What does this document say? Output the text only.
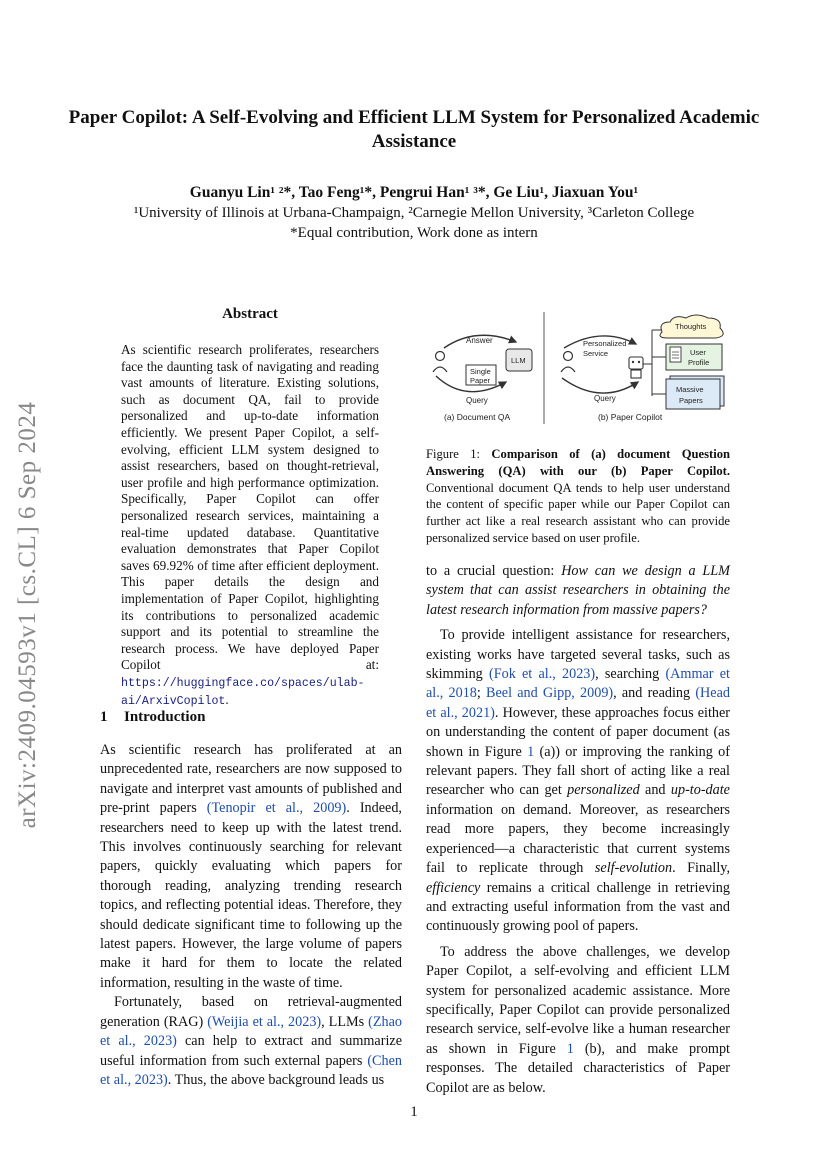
Paper Copilot: A Self-Evolving and Efficient LLM System for Personalized Academic Assistance
Guanyu Lin¹ ²*, Tao Feng¹*, Pengrui Han¹ ³*, Ge Liu¹, Jiaxuan You¹
¹University of Illinois at Urbana-Champaign, ²Carnegie Mellon University, ³Carleton College
*Equal contribution, Work done as intern
arXiv:2409.04593v1 [cs.CL] 6 Sep 2024
Abstract
As scientific research proliferates, researchers face the daunting task of navigating and reading vast amounts of literature. Existing solutions, such as document QA, fail to provide personalized and up-to-date information efficiently. We present Paper Copilot, a self-evolving, efficient LLM system designed to assist researchers, based on thought-retrieval, user profile and high performance optimization. Specifically, Paper Copilot can offer personalized research services, maintaining a real-time updated database. Quantitative evaluation demonstrates that Paper Copilot saves 69.92% of time after efficient deployment. This paper details the design and implementation of Paper Copilot, highlighting its contributions to personalized academic support and its potential to streamline the research process. We have deployed Paper Copilot at: https://huggingface.co/spaces/ulab-ai/ArxivCopilot.
1 Introduction

As scientific research has proliferated at an unprecedented rate, researchers are now supposed to navigate and interpret vast amounts of published and pre-print papers (Tenopir et al., 2009). Indeed, researchers need to keep up with the latest trend. This involves continuously searching for relevant papers, quickly evaluating which papers for thorough reading, analyzing trending research topics, and reflecting potential ideas. Therefore, they should dedicate significant time to following up the latest papers. However, the large volume of papers make it hard for them to locate the related information, resulting in the waste of time.

Fortunately, based on retrieval-augmented generation (RAG) (Weijia et al., 2023), LLMs (Zhao et al., 2023) can help to extract and summarize useful information from such external papers (Chen et al., 2023). Thus, the above background leads us

Answer
Single
Paper
LLM
Query
(a) Document QA
Personalized
Service
Query
Thoughts
User
Profile
Massive
Papers
(b) Paper Copilot
Figure 1: Comparison of (a) document Question Answering (QA) with our (b) Paper Copilot. Conventional document QA tends to help user understand the content of specific paper while our Paper Copilot can further act like a real research assistant who can provide personalized service based on user profile.

to a crucial question: How can we design a LLM system that can assist researchers in obtaining the latest research information from massive papers?

To provide intelligent assistance for researchers, existing works have targeted several tasks, such as skimming (Fok et al., 2023), searching (Ammar et al., 2018; Beel and Gipp, 2009), and reading (Head et al., 2021). However, these approaches focus either on understanding the content of paper document (as shown in Figure 1 (a)) or improving the ranking of relevant papers. They fall short of acting like a real researcher who can get personalized and up-to-date information on demand. Moreover, as researchers read more papers, they become increasingly experienced—a characteristic that current systems fail to replicate through self-evolution. Finally, efficiency remains a critical challenge in retrieving and extracting useful information from the vast and continuously growing pool of papers.

To address the above challenges, we develop Paper Copilot, a self-evolving and efficient LLM system for personalized academic assistance. More specifically, Paper Copilot can provide personalized research service, self-evolve like a human researcher as shown in Figure 1 (b), and make prompt responses. The detailed characteristics of Paper Copilot are as below.

1
